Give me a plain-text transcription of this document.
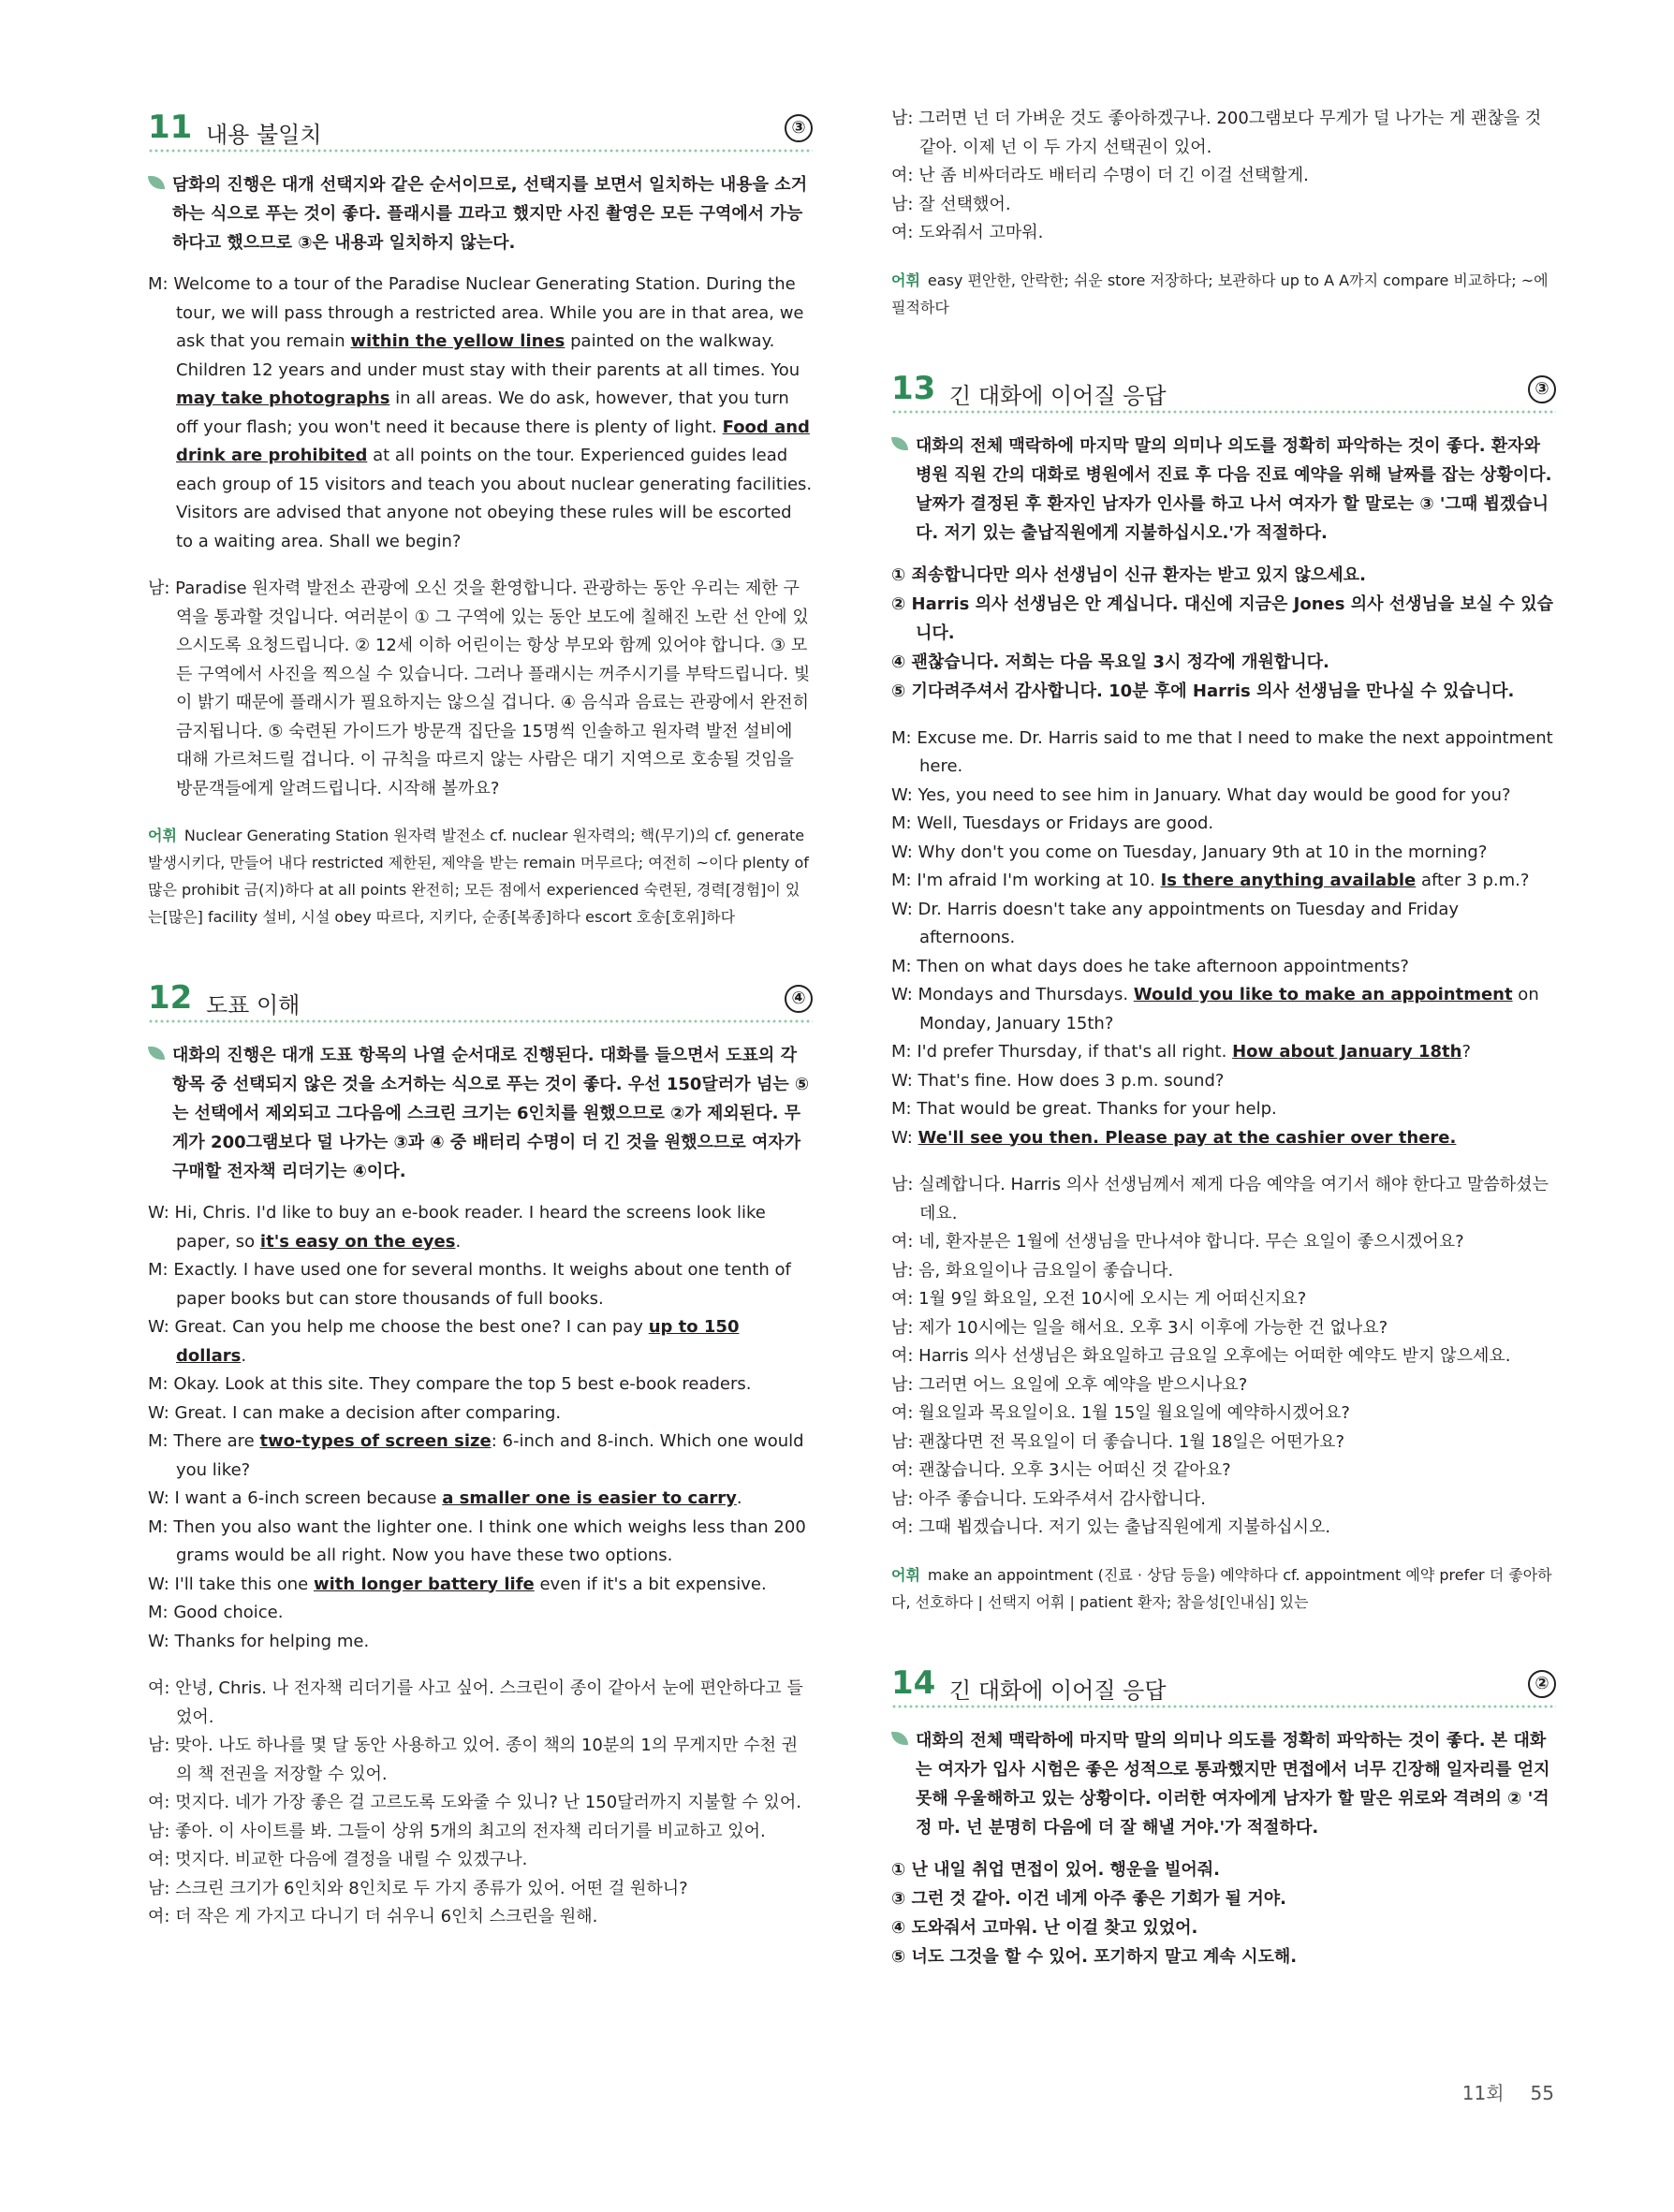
11 내용 불일치	③
담화의 진행은 대개 선택지와 같은 순서이므로, 선택지를 보면서 일치하는 내용을 소거하는 식으로 푸는 것이 좋다. 플래시를 끄라고 했지만 사진 촬영은 모든 구역에서 가능하다고 했으므로 ③은 내용과 일치하지 않는다.
M: Welcome to a tour of the Paradise Nuclear Generating Station. During the tour, we will pass through a restricted area. While you are in that area, we ask that you remain within the yellow lines painted on the walkway. Children 12 years and under must stay with their parents at all times. You may take photographs in all areas. We do ask, however, that you turn off your flash; you won't need it because there is plenty of light. Food and drink are prohibited at all points on the tour. Experienced guides lead each group of 15 visitors and teach you about nuclear generating facilities. Visitors are advised that anyone not obeying these rules will be escorted to a waiting area. Shall we begin?
남: Paradise 원자력 발전소 관광에 오신 것을 환영합니다. 관광하는 동안 우리는 제한 구역을 통과할 것입니다. 여러분이 ① 그 구역에 있는 동안 보도에 칠해진 노란 선 안에 있으시도록 요청드립니다. ② 12세 이하 어린이는 항상 부모와 함께 있어야 합니다. ③ 모든 구역에서 사진을 찍으실 수 있습니다. 그러나 플래시는 꺼주시기를 부탁드립니다. 빛이 밝기 때문에 플래시가 필요하지는 않으실 겁니다. ④ 음식과 음료는 관광에서 완전히 금지됩니다. ⑤ 숙련된 가이드가 방문객 집단을 15명씩 인솔하고 원자력 발전 설비에 대해 가르쳐드릴 겁니다. 이 규칙을 따르지 않는 사람은 대기 지역으로 호송될 것임을 방문객들에게 알려드립니다. 시작해 볼까요?
어휘 Nuclear Generating Station 원자력 발전소 cf. nuclear 원자력의; 핵(무기)의 cf. generate 발생시키다, 만들어 내다 restricted 제한된, 제약을 받는 remain 머무르다; 여전히 ~이다 plenty of 많은 prohibit 금(지)하다 at all points 완전히; 모든 점에서 experienced 숙련된, 경력[경험]이 있는[많은] facility 설비, 시설 obey 따르다, 지키다, 순종[복종]하다 escort 호송[호위]하다
12 도표 이해	④
대화의 진행은 대개 도표 항목의 나열 순서대로 진행된다. 대화를 들으면서 도표의 각 항목 중 선택되지 않은 것을 소거하는 식으로 푸는 것이 좋다. 우선 150달러가 넘는 ⑤는 선택에서 제외되고 그다음에 스크린 크기는 6인치를 원했으므로 ②가 제외된다. 무게가 200그램보다 덜 나가는 ③과 ④ 중 배터리 수명이 더 긴 것을 원했으므로 여자가 구매할 전자책 리더기는 ④이다.
W: Hi, Chris. I'd like to buy an e-book reader. I heard the screens look like paper, so it's easy on the eyes.
M: Exactly. I have used one for several months. It weighs about one tenth of paper books but can store thousands of full books.
W: Great. Can you help me choose the best one? I can pay up to 150 dollars.
M: Okay. Look at this site. They compare the top 5 best e-book readers.
W: Great. I can make a decision after comparing.
M: There are two-types of screen size: 6-inch and 8-inch. Which one would you like?
W: I want a 6-inch screen because a smaller one is easier to carry.
M: Then you also want the lighter one. I think one which weighs less than 200 grams would be all right. Now you have these two options.
W: I'll take this one with longer battery life even if it's a bit expensive.
M: Good choice.
W: Thanks for helping me.
여: 안녕, Chris. 나 전자책 리더기를 사고 싶어. 스크린이 종이 같아서 눈에 편안하다고 들었어.
남: 맞아. 나도 하나를 몇 달 동안 사용하고 있어. 종이 책의 10분의 1의 무게지만 수천 권의 책 전권을 저장할 수 있어.
여: 멋지다. 네가 가장 좋은 걸 고르도록 도와줄 수 있니? 난 150달러까지 지불할 수 있어.
남: 좋아. 이 사이트를 봐. 그들이 상위 5개의 최고의 전자책 리더기를 비교하고 있어.
여: 멋지다. 비교한 다음에 결정을 내릴 수 있겠구나.
남: 스크린 크기가 6인치와 8인치로 두 가지 종류가 있어. 어떤 걸 원하니?
여: 더 작은 게 가지고 다니기 더 쉬우니 6인치 스크린을 원해.
남: 그러면 넌 더 가벼운 것도 좋아하겠구나. 200그램보다 무게가 덜 나가는 게 괜찮을 것 같아. 이제 넌 이 두 가지 선택권이 있어.
여: 난 좀 비싸더라도 배터리 수명이 더 긴 이걸 선택할게.
남: 잘 선택했어.
여: 도와줘서 고마워.
어휘 easy 편안한, 안락한; 쉬운 store 저장하다; 보관하다 up to A A까지 compare 비교하다; ~에 필적하다
13 긴 대화에 이어질 응답	③
대화의 전체 맥락하에 마지막 말의 의미나 의도를 정확히 파악하는 것이 좋다. 환자와 병원 직원 간의 대화로 병원에서 진료 후 다음 진료 예약을 위해 날짜를 잡는 상황이다. 날짜가 결정된 후 환자인 남자가 인사를 하고 나서 여자가 할 말로는 ③ '그때 뵙겠습니다. 저기 있는 출납직원에게 지불하십시오.'가 적절하다.
① 죄송합니다만 의사 선생님이 신규 환자는 받고 있지 않으세요.
② Harris 의사 선생님은 안 계십니다. 대신에 지금은 Jones 의사 선생님을 보실 수 있습니다.
④ 괜찮습니다. 저희는 다음 목요일 3시 정각에 개원합니다.
⑤ 기다려주셔서 감사합니다. 10분 후에 Harris 의사 선생님을 만나실 수 있습니다.
M: Excuse me. Dr. Harris said to me that I need to make the next appointment here.
W: Yes, you need to see him in January. What day would be good for you?
M: Well, Tuesdays or Fridays are good.
W: Why don't you come on Tuesday, January 9th at 10 in the morning?
M: I'm afraid I'm working at 10. Is there anything available after 3 p.m.?
W: Dr. Harris doesn't take any appointments on Tuesday and Friday afternoons.
M: Then on what days does he take afternoon appointments?
W: Mondays and Thursdays. Would you like to make an appointment on Monday, January 15th?
M: I'd prefer Thursday, if that's all right. How about January 18th?
W: That's fine. How does 3 p.m. sound?
M: That would be great. Thanks for your help.
W: We'll see you then. Please pay at the cashier over there.
남: 실례합니다. Harris 의사 선생님께서 제게 다음 예약을 여기서 해야 한다고 말씀하셨는데요.
여: 네, 환자분은 1월에 선생님을 만나셔야 합니다. 무슨 요일이 좋으시겠어요?
남: 음, 화요일이나 금요일이 좋습니다.
여: 1월 9일 화요일, 오전 10시에 오시는 게 어떠신지요?
남: 제가 10시에는 일을 해서요. 오후 3시 이후에 가능한 건 없나요?
여: Harris 의사 선생님은 화요일하고 금요일 오후에는 어떠한 예약도 받지 않으세요.
남: 그러면 어느 요일에 오후 예약을 받으시나요?
여: 월요일과 목요일이요. 1월 15일 월요일에 예약하시겠어요?
남: 괜찮다면 전 목요일이 더 좋습니다. 1월 18일은 어떤가요?
여: 괜찮습니다. 오후 3시는 어떠신 것 같아요?
남: 아주 좋습니다. 도와주셔서 감사합니다.
여: 그때 뵙겠습니다. 저기 있는 출납직원에게 지불하십시오.
어휘 make an appointment (진료 · 상담 등을) 예약하다 cf. appointment 예약 prefer 더 좋아하다, 선호하다 | 선택지 어휘 | patient 환자; 참을성[인내심] 있는
14 긴 대화에 이어질 응답	②
대화의 전체 맥락하에 마지막 말의 의미나 의도를 정확히 파악하는 것이 좋다. 본 대화는 여자가 입사 시험은 좋은 성적으로 통과했지만 면접에서 너무 긴장해 일자리를 얻지 못해 우울해하고 있는 상황이다. 이러한 여자에게 남자가 할 말은 위로와 격려의 ② '걱정 마. 넌 분명히 다음에 더 잘 해낼 거야.'가 적절하다.
① 난 내일 취업 면접이 있어. 행운을 빌어줘.
③ 그런 것 같아. 이건 네게 아주 좋은 기회가 될 거야.
④ 도와줘서 고마워. 난 이걸 찾고 있었어.
⑤ 너도 그것을 할 수 있어. 포기하지 말고 계속 시도해.
11회 55
